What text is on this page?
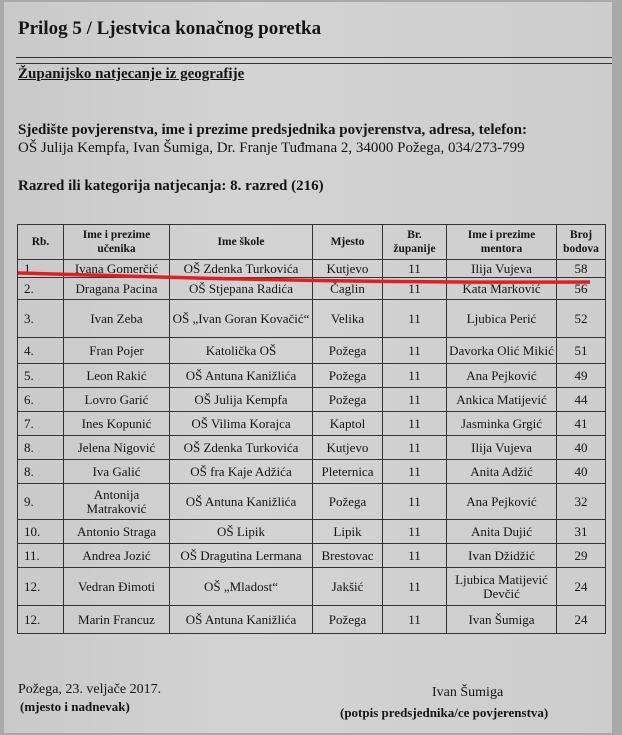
Prilog 5 / Ljestvica konačnog poretka
Županijsko natjecanje iz geografije
Sjedište povjerenstva, ime i prezime predsjednika povjerenstva, adresa, telefon:
OŠ Julija Kempfa, Ivan Šumiga, Dr. Franje Tuđmana 2, 34000 Požega, 034/273-799
Razred ili kategorija natjecanja: 8. razred (216)
Rb.	Ime i prezime učenika	Ime škole	Mjesto	Br. županije	Ime i prezime mentora	Broj bodova
1.	Ivana Gomerčić	OŠ Zdenka Turkovića	Kutjevo	11	Ilija Vujeva	58
2.	Dragana Pacina	OŠ Stjepana Radića	Čaglin	11	Kata Marković	56
3.	Ivan Zeba	OŠ „Ivan Goran Kovačić“	Velika	11	Ljubica Perić	52
4.	Fran Pojer	Katolička OŠ	Požega	11	Davorka Olić Mikić	51
5.	Leon Rakić	OŠ Antuna Kanižlića	Požega	11	Ana Pejković	49
6.	Lovro Garić	OŠ Julija Kempfa	Požega	11	Ankica Matijević	44
7.	Ines Kopunić	OŠ Vilima Korajca	Kaptol	11	Jasminka Grgić	41
8.	Jelena Nigović	OŠ Zdenka Turkovića	Kutjevo	11	Ilija Vujeva	40
8.	Iva Galić	OŠ fra Kaje Adžića	Pleternica	11	Anita Adžić	40
9.	Antonija Matraković	OŠ Antuna Kanižlića	Požega	11	Ana Pejković	32
10.	Antonio Straga	OŠ Lipik	Lipik	11	Anita Dujić	31
11.	Andrea Jozić	OŠ Dragutina Lermana	Brestovac	11	Ivan Džidžić	29
12.	Vedran Đimoti	OŠ „Mladost“	Jakšić	11	Ljubica Matijević Devčić	24
12.	Marin Francuz	OŠ Antuna Kanižlića	Požega	11	Ivan Šumiga	24
Požega, 23. veljače 2017.
(mjesto i nadnevak)
Ivan Šumiga
(potpis predsjednika/ce povjerenstva)
